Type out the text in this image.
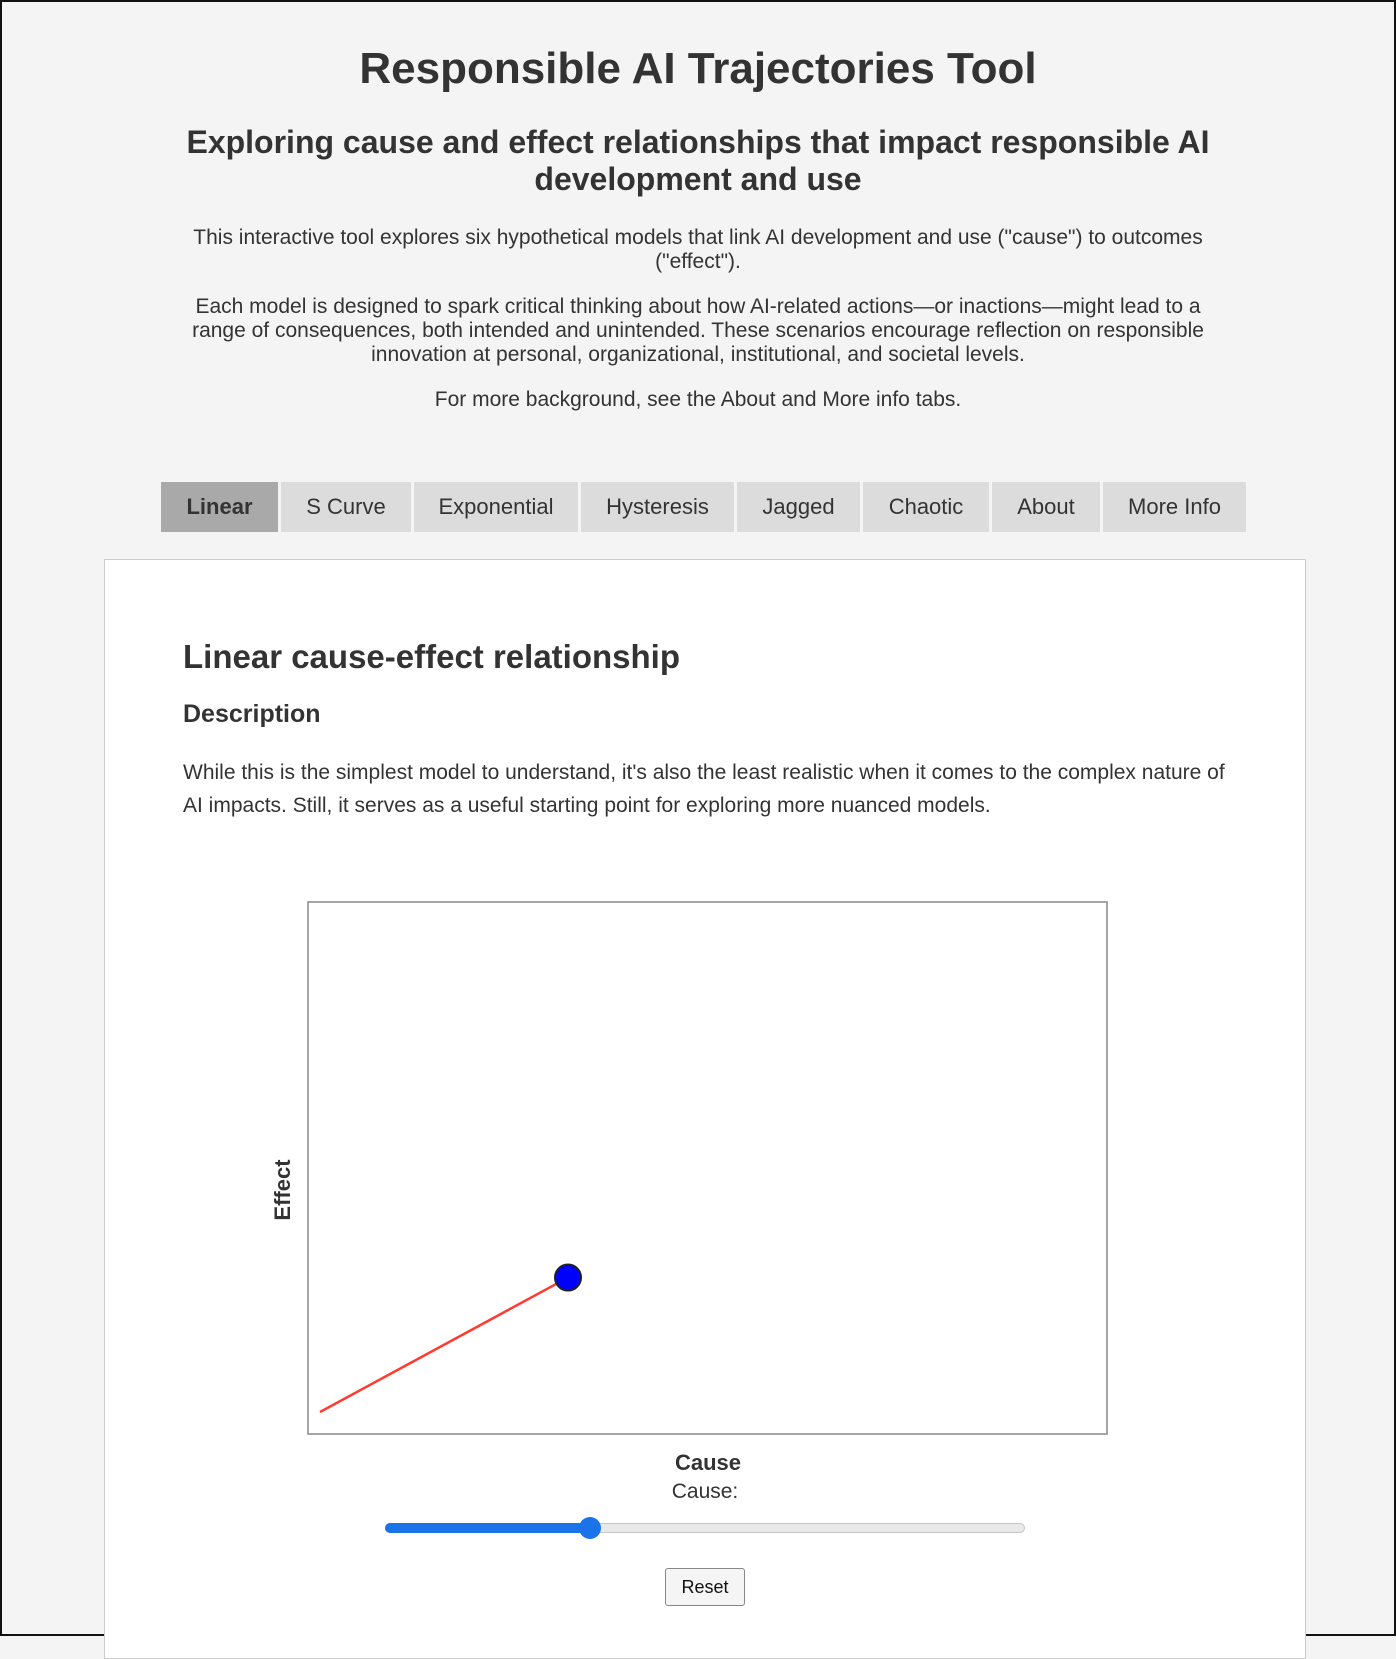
Responsible AI Trajectories Tool
Exploring cause and effect relationships that impact responsible AI development and use

This interactive tool explores six hypothetical models that link AI development and use ("cause") to outcomes ("effect").

Each model is designed to spark critical thinking about how AI-related actions—or inactions—might lead to a range of consequences, both intended and unintended. These scenarios encourage reflection on responsible innovation at personal, organizational, institutional, and societal levels.

For more background, see the About and More info tabs.

Linear	S Curve	Exponential	Hysteresis	Jagged	Chaotic	About	More Info
Linear cause-effect relationship
Description

While this is the simplest model to understand, it's also the least realistic when it comes to the complex nature of AI impacts. Still, it serves as a useful starting point for exploring more nuanced models.

Effect
Cause
Cause:
Reset
